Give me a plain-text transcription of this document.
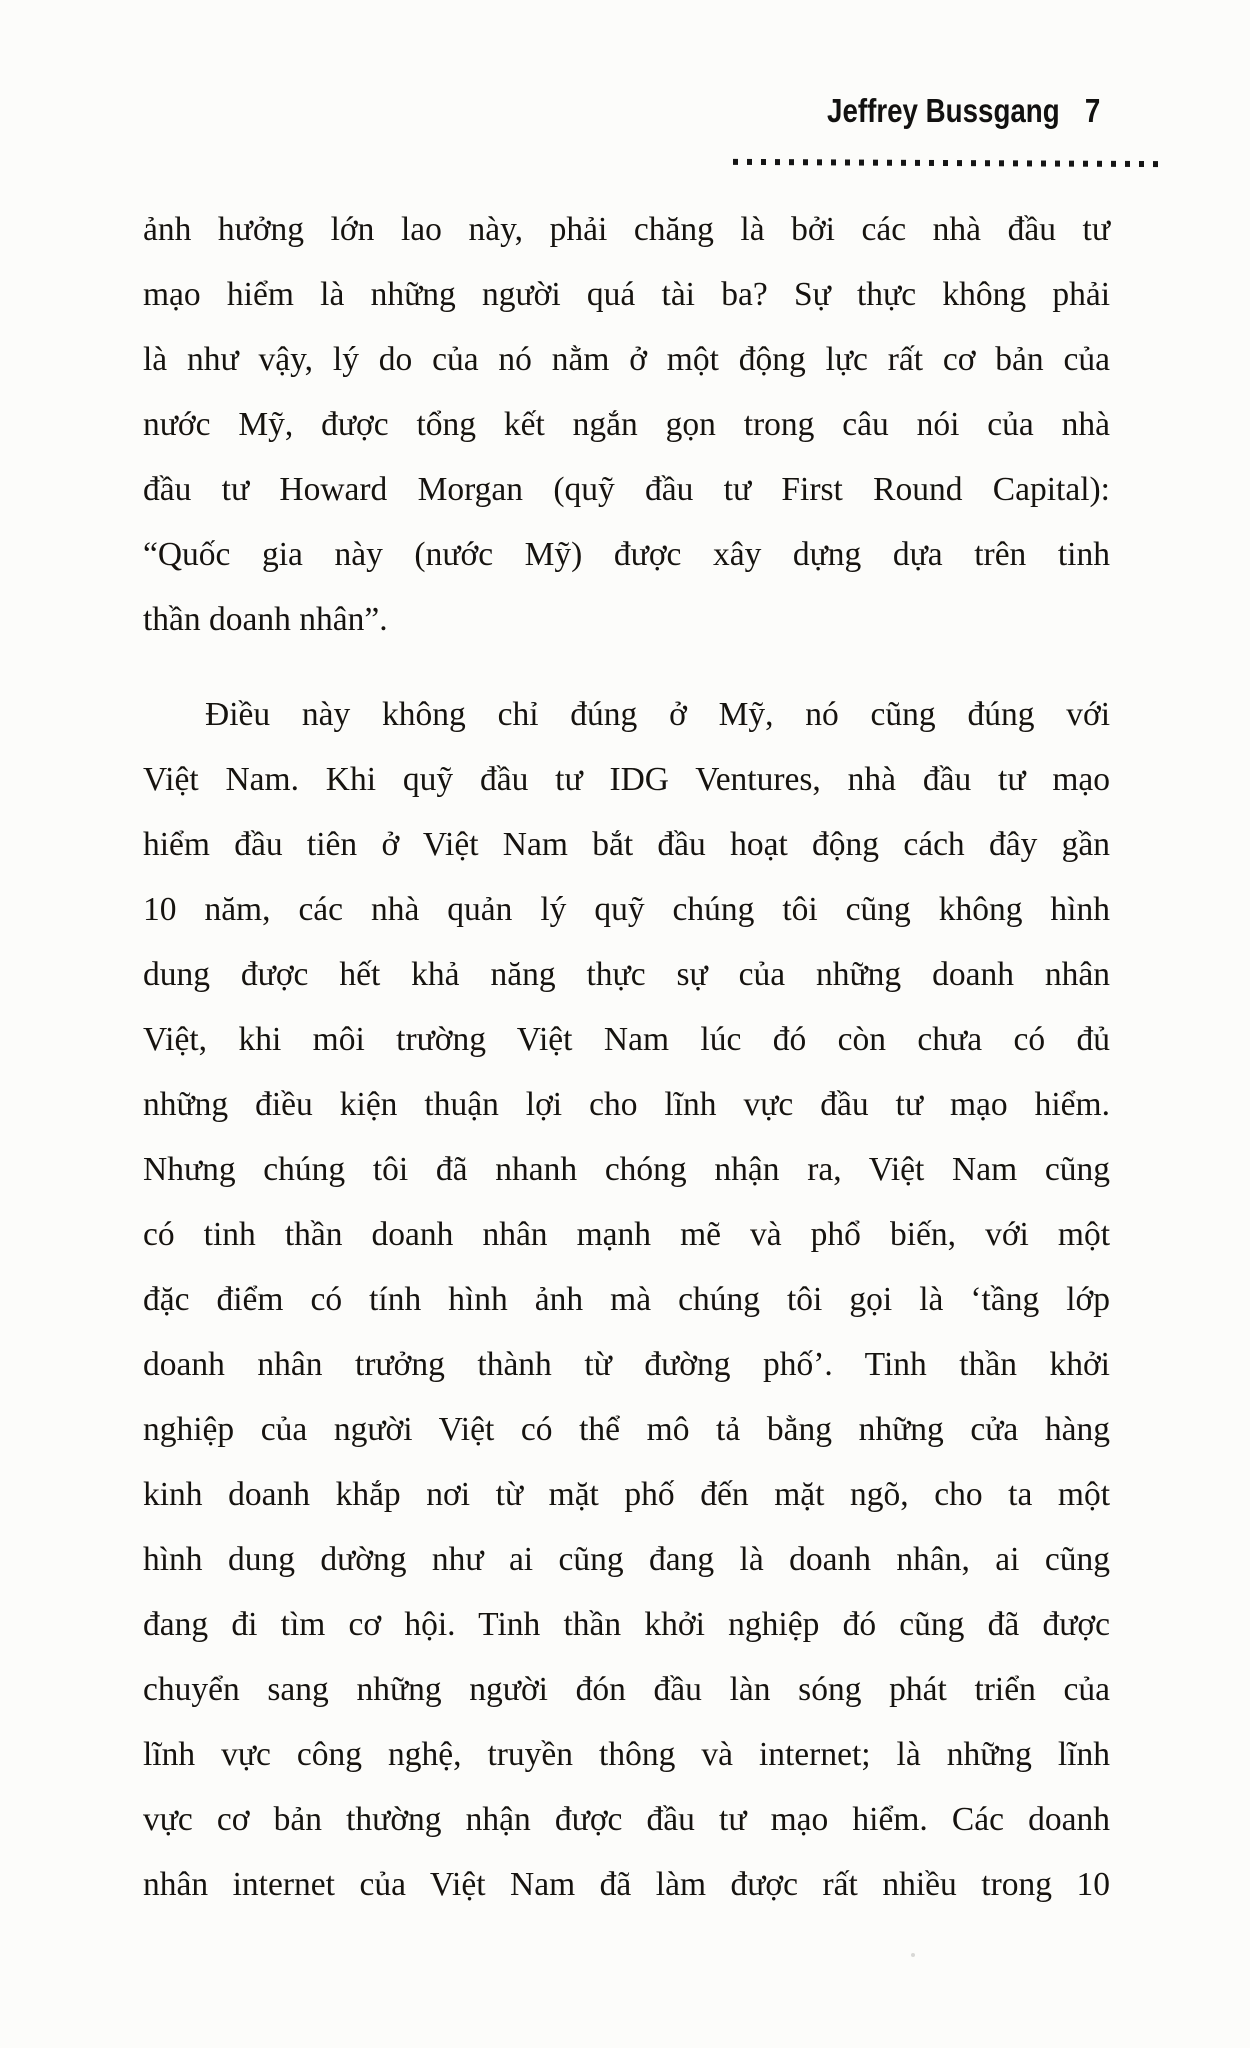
Jeffrey Bussgang 7
ảnh hưởng lớn lao này, phải chăng là bởi các nhà đầu tư
mạo hiểm là những người quá tài ba? Sự thực không phải
là như vậy, lý do của nó nằm ở một động lực rất cơ bản của
nước Mỹ, được tổng kết ngắn gọn trong câu nói của nhà
đầu tư Howard Morgan (quỹ đầu tư First Round Capital):
“Quốc gia này (nước Mỹ) được xây dựng dựa trên tinh
thần doanh nhân”.
Điều này không chỉ đúng ở Mỹ, nó cũng đúng với
Việt Nam. Khi quỹ đầu tư IDG Ventures, nhà đầu tư mạo
hiểm đầu tiên ở Việt Nam bắt đầu hoạt động cách đây gần
10 năm, các nhà quản lý quỹ chúng tôi cũng không hình
dung được hết khả năng thực sự của những doanh nhân
Việt, khi môi trường Việt Nam lúc đó còn chưa có đủ
những điều kiện thuận lợi cho lĩnh vực đầu tư mạo hiểm.
Nhưng chúng tôi đã nhanh chóng nhận ra, Việt Nam cũng
có tinh thần doanh nhân mạnh mẽ và phổ biến, với một
đặc điểm có tính hình ảnh mà chúng tôi gọi là ‘tầng lớp
doanh nhân trưởng thành từ đường phố’. Tinh thần khởi
nghiệp của người Việt có thể mô tả bằng những cửa hàng
kinh doanh khắp nơi từ mặt phố đến mặt ngõ, cho ta một
hình dung dường như ai cũng đang là doanh nhân, ai cũng
đang đi tìm cơ hội. Tinh thần khởi nghiệp đó cũng đã được
chuyển sang những người đón đầu làn sóng phát triển của
lĩnh vực công nghệ, truyền thông và internet; là những lĩnh
vực cơ bản thường nhận được đầu tư mạo hiểm. Các doanh
nhân internet của Việt Nam đã làm được rất nhiều trong 10
